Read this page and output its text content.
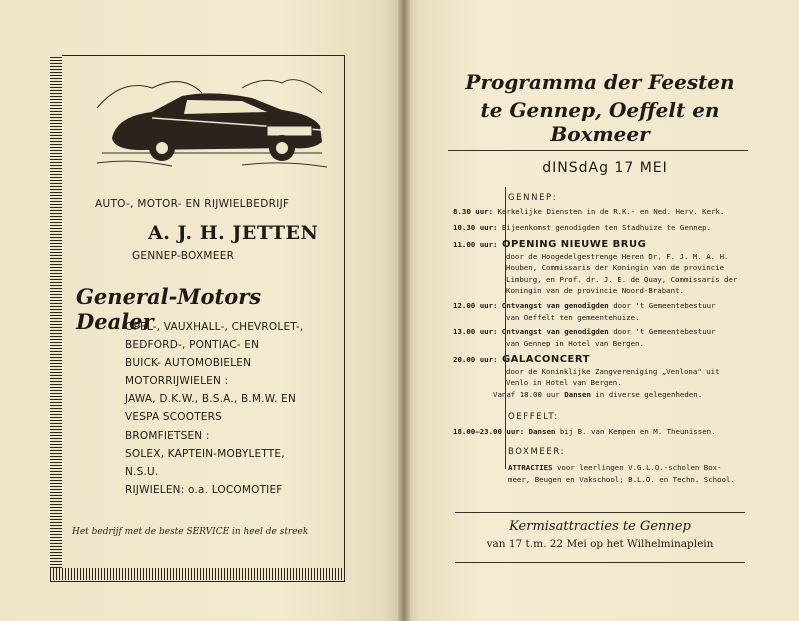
AUTO-, MOTOR- EN RIJWIELBEDRIJF
A. J. H. JETTEN
GENNEP-BOXMEER
General-Motors Dealer
OPEL-, VAUXHALL-, CHEVROLET-,
BEDFORD-, PONTIAC- EN
BUICK- AUTOMOBIELEN
MOTORRIJWIELEN :
JAWA, D.K.W., B.S.A., B.M.W. EN
VESPA SCOOTERS
BROMFIETSEN :
SOLEX, KAPTEIN-MOBYLETTE,
N.S.U.
RIJWIELEN: o.a. LOCOMOTIEF
Het bedrijf met de beste SERVICE in heel de streek
Programma der Feesten
te Gennep, Oeffelt en Boxmeer
dINSdAg 17 MEI
GENNEP:
8.30 uur: Kerkelijke Diensten in de R.K.- en Ned. Herv. Kerk.
10.30 uur: Bijeenkomst genodigden ten Stadhuize te Gennep.
11.00 uur: OPENING NIEUWE BRUG
door de Hoogedelgestrenge Heren Dr. F. J. M. A. H.
Houben, Commissaris der Koningin van de provincie
Limburg, en Prof. dr. J. E. de Quay, Commissaris der
Koningin van de provincie Noord-Brabant.
12.00 uur: Ontvangst van genodigden door 't Gemeentebestuur
van Oeffelt ten gemeentehuize.
13.00 uur: Ontvangst van genodigden door 't Gemeentebestuur
van Gennep in Hotel van Bergen.
20.00 uur: GALACONCERT
door de Koninklijke Zangvereniging „Venlona" uit
Venlo in Hotel van Bergen.
Vanaf 18.00 uur Dansen in diverse gelegenheden.
OEFFELT:
18.00—23.00 uur: Dansen bij B. van Kempen en M. Theunissen.
BOXMEER:
ATTRACTIES voor leerlingen V.G.L.O.-scholen Box-
meer, Beugen en Vakschool; B.L.O. en Techn. School.
Kermisattracties te Gennep
van 17 t.m. 22 Mei op het Wilhelminaplein
